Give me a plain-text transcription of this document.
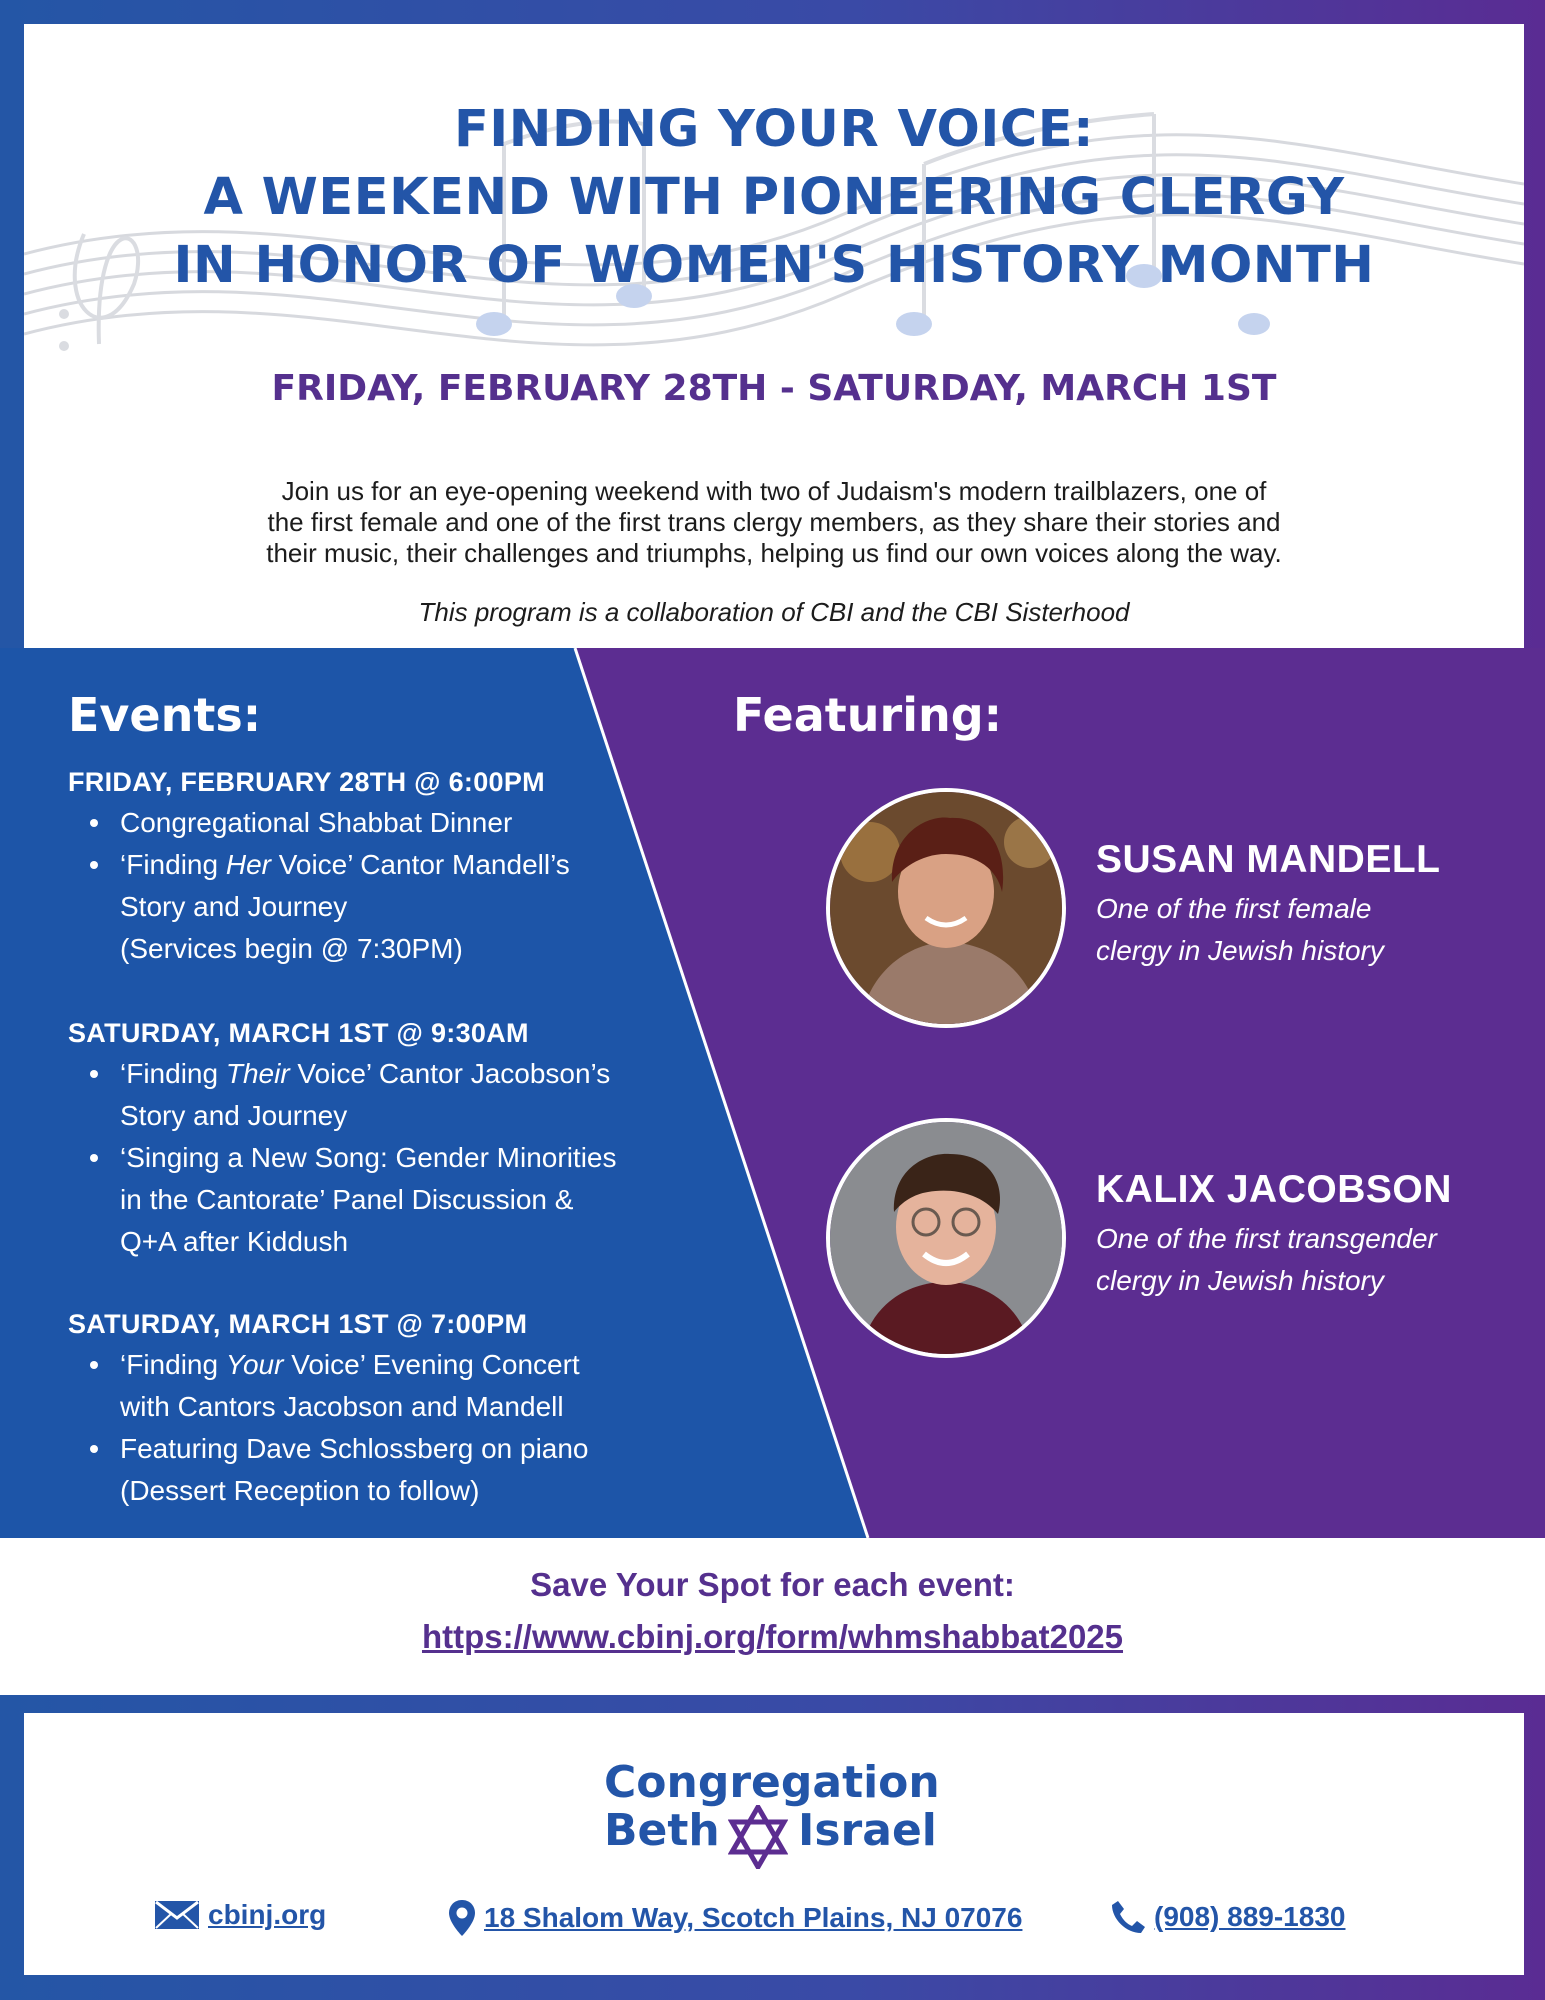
FINDING YOUR VOICE:
A WEEKEND WITH PIONEERING CLERGY
IN HONOR OF WOMEN'S HISTORY MONTH
FRIDAY, FEBRUARY 28TH - SATURDAY, MARCH 1ST
Join us for an eye-opening weekend with two of Judaism's modern trailblazers, one of
the first female and one of the first trans clergy members, as they share their stories and
their music, their challenges and triumphs, helping us find our own voices along the way.
This program is a collaboration of CBI and the CBI Sisterhood
Events:	Featuring:
FRIDAY, FEBRUARY 28TH @ 6:00PM
Congregational Shabbat Dinner
‘Finding Her Voice’ Cantor Mandell’s
Story and Journey
(Services begin @ 7:30PM)
SATURDAY, MARCH 1ST @ 9:30AM
‘Finding Their Voice’ Cantor Jacobson’s
Story and Journey
‘Singing a New Song: Gender Minorities
in the Cantorate’ Panel Discussion &
Q+A after Kiddush
SATURDAY, MARCH 1ST @ 7:00PM
‘Finding Your Voice’ Evening Concert
with Cantors Jacobson and Mandell
Featuring Dave Schlossberg on piano
(Dessert Reception to follow)
SUSAN MANDELL
One of the first female
clergy in Jewish history
KALIX JACOBSON
One of the first transgender
clergy in Jewish history
Save Your Spot for each event:
https://www.cbinj.org/form/whmshabbat2025
Congregation
Beth Israel
cbinj.org	18 Shalom Way, Scotch Plains, NJ 07076	(908) 889-1830
